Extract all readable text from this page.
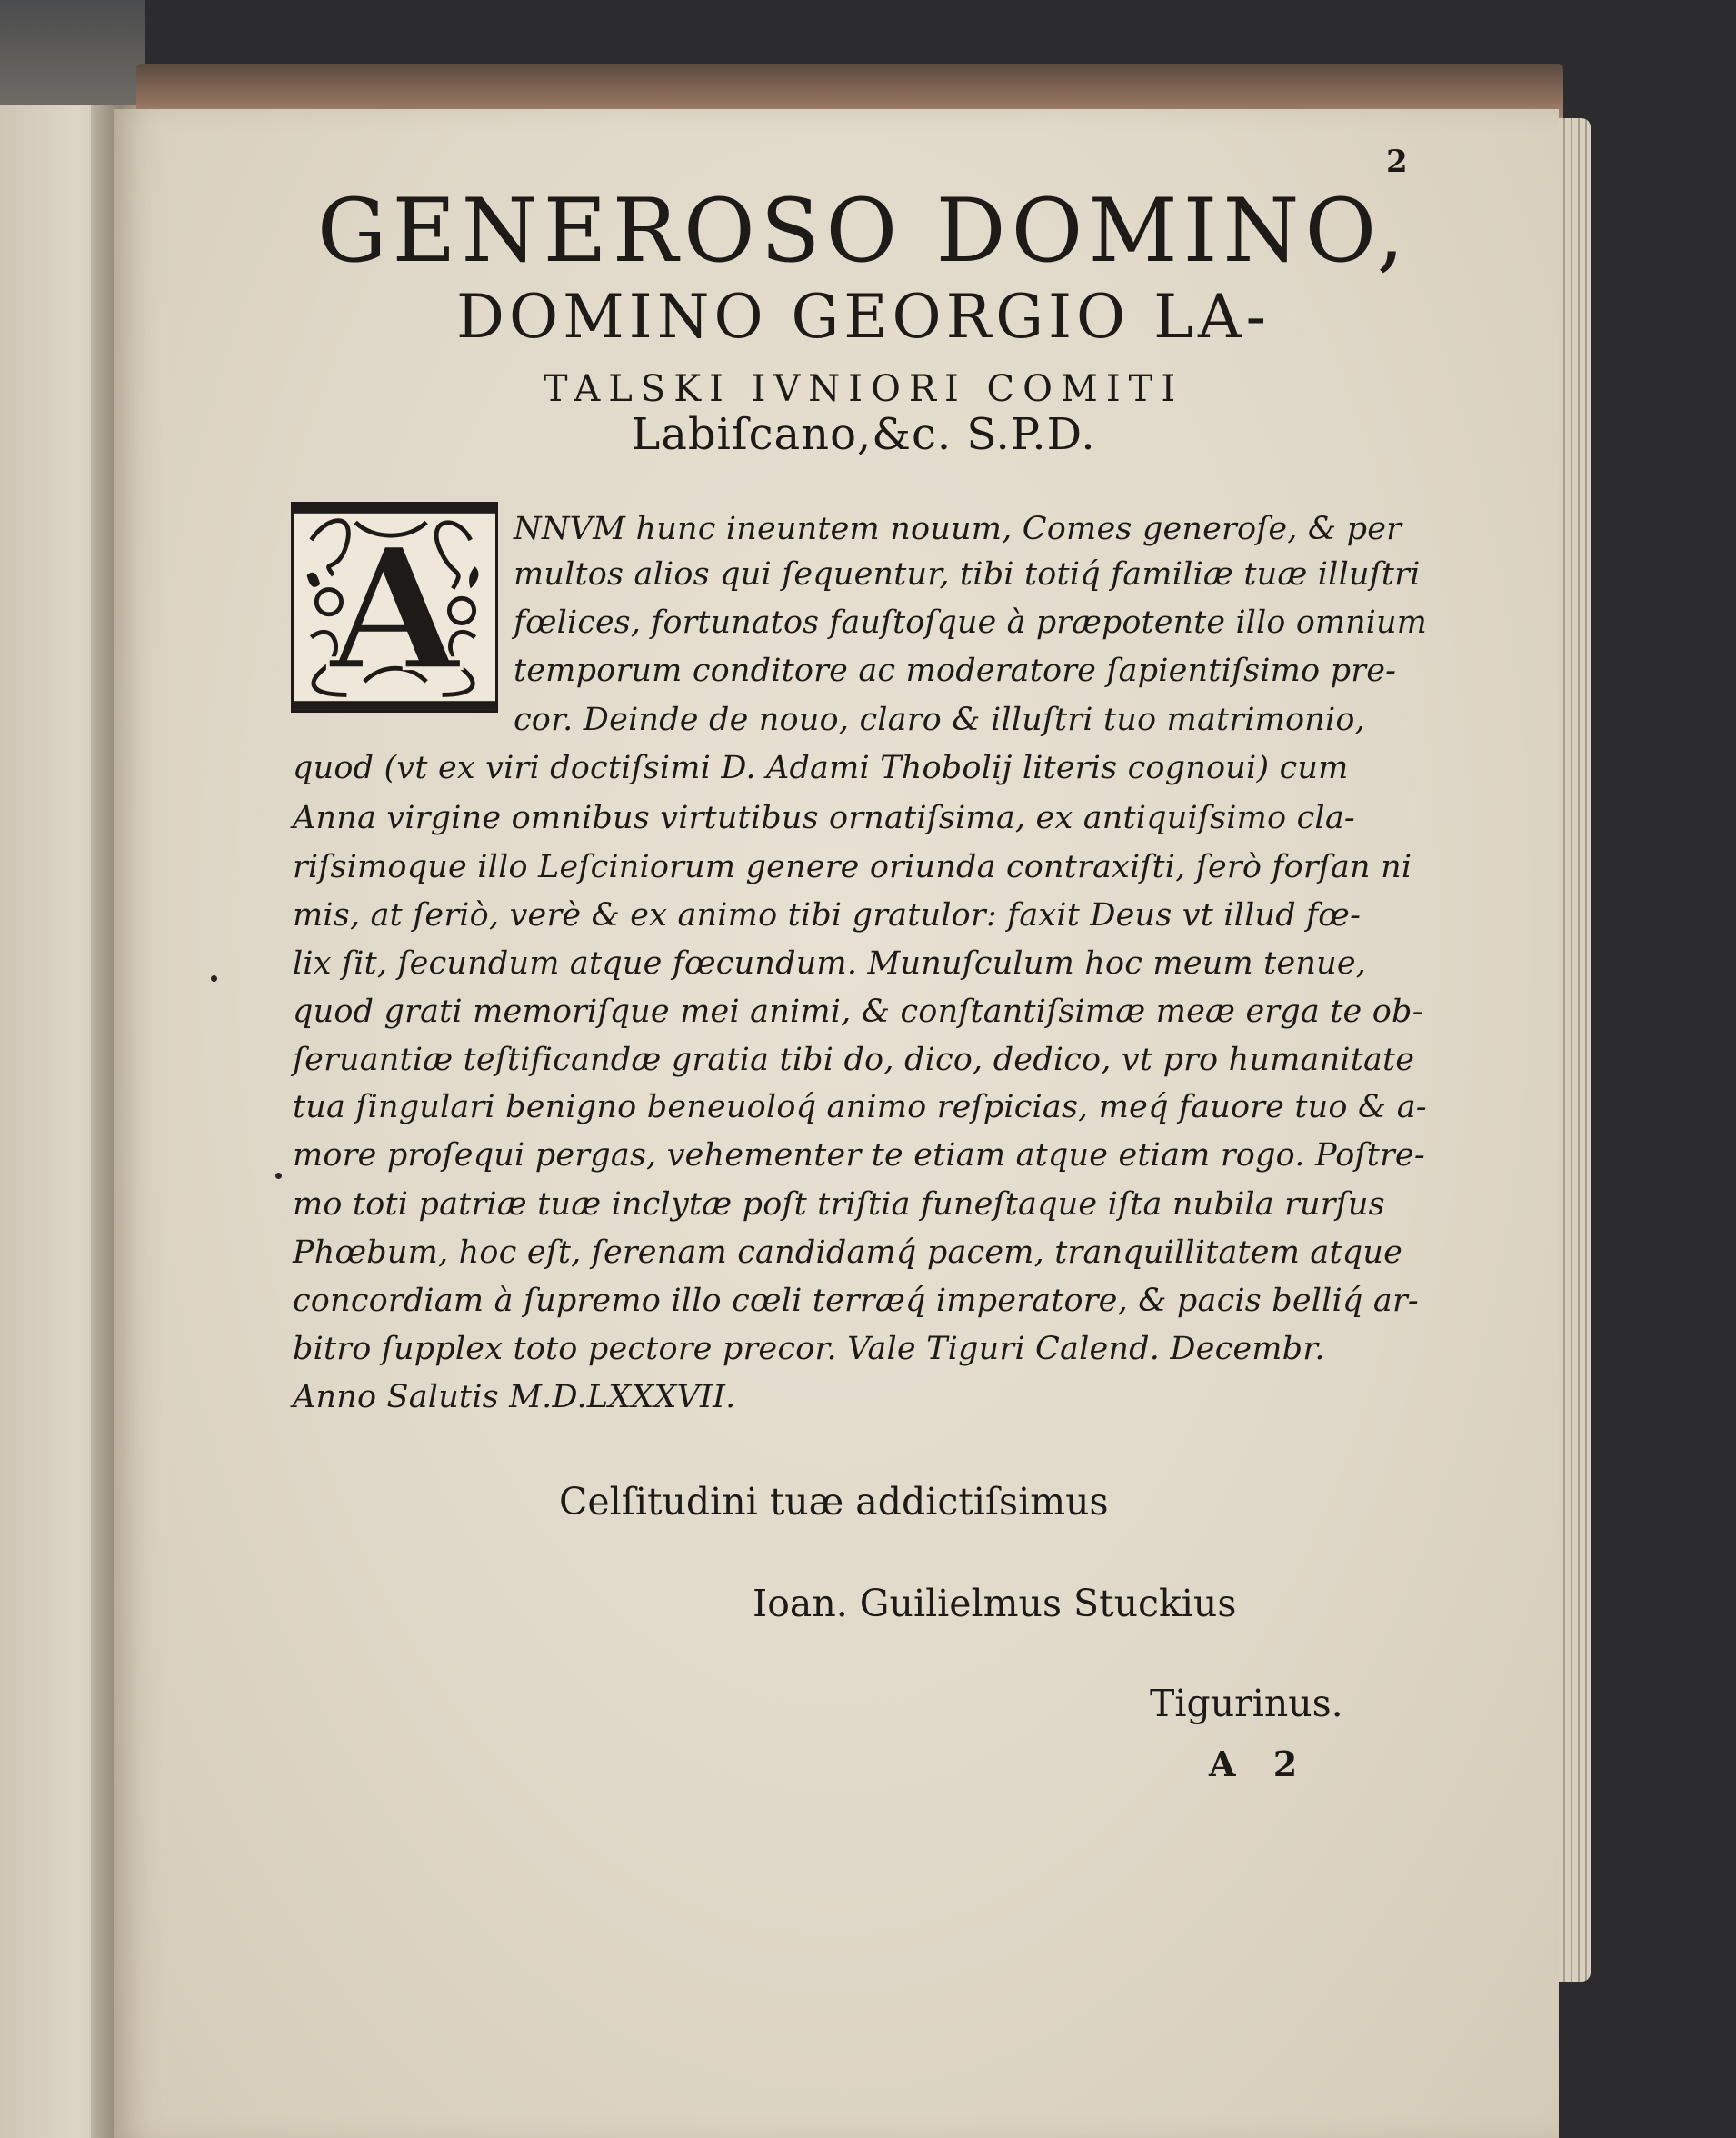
2
GENEROSO DOMINO,
DOMINO GEORGIO LA-
TALSKI IVNIORI COMITI
Labiſcano,&c. S.P.D.
A NNVM hunc ineuntem nouum, Comes generoſe, & per
multos alios qui ſequentur, tibi totiq́ familiæ tuæ illuſtri
fœlices, fortunatos fauſtoſque à præpotente illo omnium
temporum conditore ac moderatore ſapientiſsimo pre-
cor. Deinde de nouo, claro & illuſtri tuo matrimonio,
quod (vt ex viri doctiſsimi D. Adami Thobolij literis cognoui) cum
Anna virgine omnibus virtutibus ornatiſsima, ex antiquiſsimo cla-
riſsimoque illo Leſciniorum genere oriunda contraxiſti, ſerò forſan ni
mis, at ſeriò, verè & ex animo tibi gratulor: faxit Deus vt illud fœ-
lix ſit, ſecundum atque fœcundum. Munuſculum hoc meum tenue,
quod grati memoriſque mei animi, & conſtantiſsimæ meæ erga te ob-
ſeruantiæ teſtificandæ gratia tibi do, dico, dedico, vt pro humanitate
tua ſingulari benigno beneuoloq́ animo reſpicias, meq́ fauore tuo & a-
more proſequi pergas, vehementer te etiam atque etiam rogo. Poſtre-
mo toti patriæ tuæ inclytæ poſt triſtia funeſtaque iſta nubila rurſus
Phœbum, hoc eſt, ſerenam candidamq́ pacem, tranquillitatem atque
concordiam à ſupremo illo cœli terræq́ imperatore, & pacis belliq́ ar-
bitro ſupplex toto pectore precor. Vale Tiguri Calend. Decembr.
Anno Salutis M.D.LXXXVII.
Celſitudini tuæ addictiſsimus
Ioan. Guilielmus Stuckius
Tigurinus.
A 2
